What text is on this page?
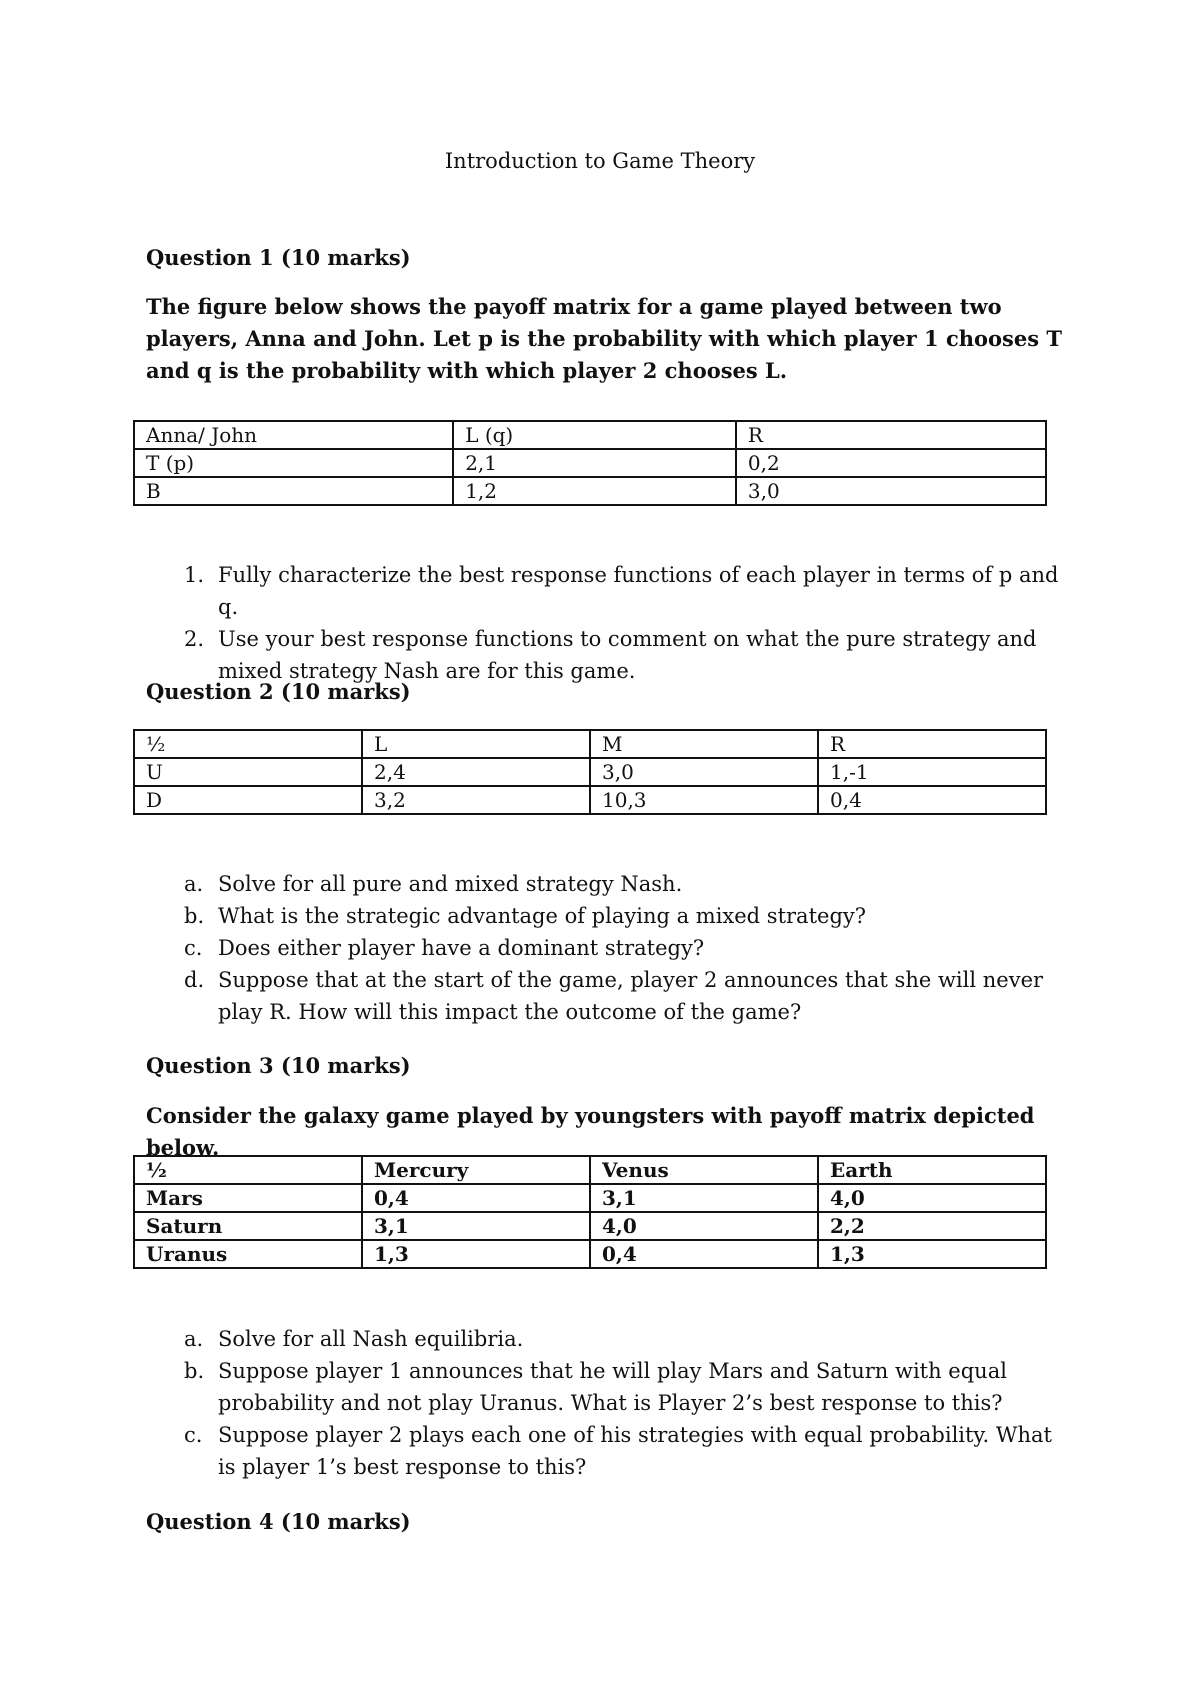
Introduction to Game Theory
Question 1 (10 marks)
The figure below shows the payoff matrix for a game played between two players, Anna and John. Let p is the probability with which player 1 chooses T and q is the probability with which player 2 chooses L.
Anna/ John	L (q)	R
T (p)	2,1	0,2
B	1,2	3,0
1. Fully characterize the best response functions of each player in terms of p and q.
2. Use your best response functions to comment on what the pure strategy and mixed strategy Nash are for this game.
Question 2 (10 marks)
½	L	M	R
U	2,4	3,0	1,-1
D	3,2	10,3	0,4
a. Solve for all pure and mixed strategy Nash.
b. What is the strategic advantage of playing a mixed strategy?
c. Does either player have a dominant strategy?
d. Suppose that at the start of the game, player 2 announces that she will never play R. How will this impact the outcome of the game?
Question 3 (10 marks)
Consider the galaxy game played by youngsters with payoff matrix depicted below.
½	Mercury	Venus	Earth
Mars	0,4	3,1	4,0
Saturn	3,1	4,0	2,2
Uranus	1,3	0,4	1,3
a. Solve for all Nash equilibria.
b. Suppose player 1 announces that he will play Mars and Saturn with equal probability and not play Uranus. What is Player 2’s best response to this?
c. Suppose player 2 plays each one of his strategies with equal probability. What is player 1’s best response to this?
Question 4 (10 marks)
